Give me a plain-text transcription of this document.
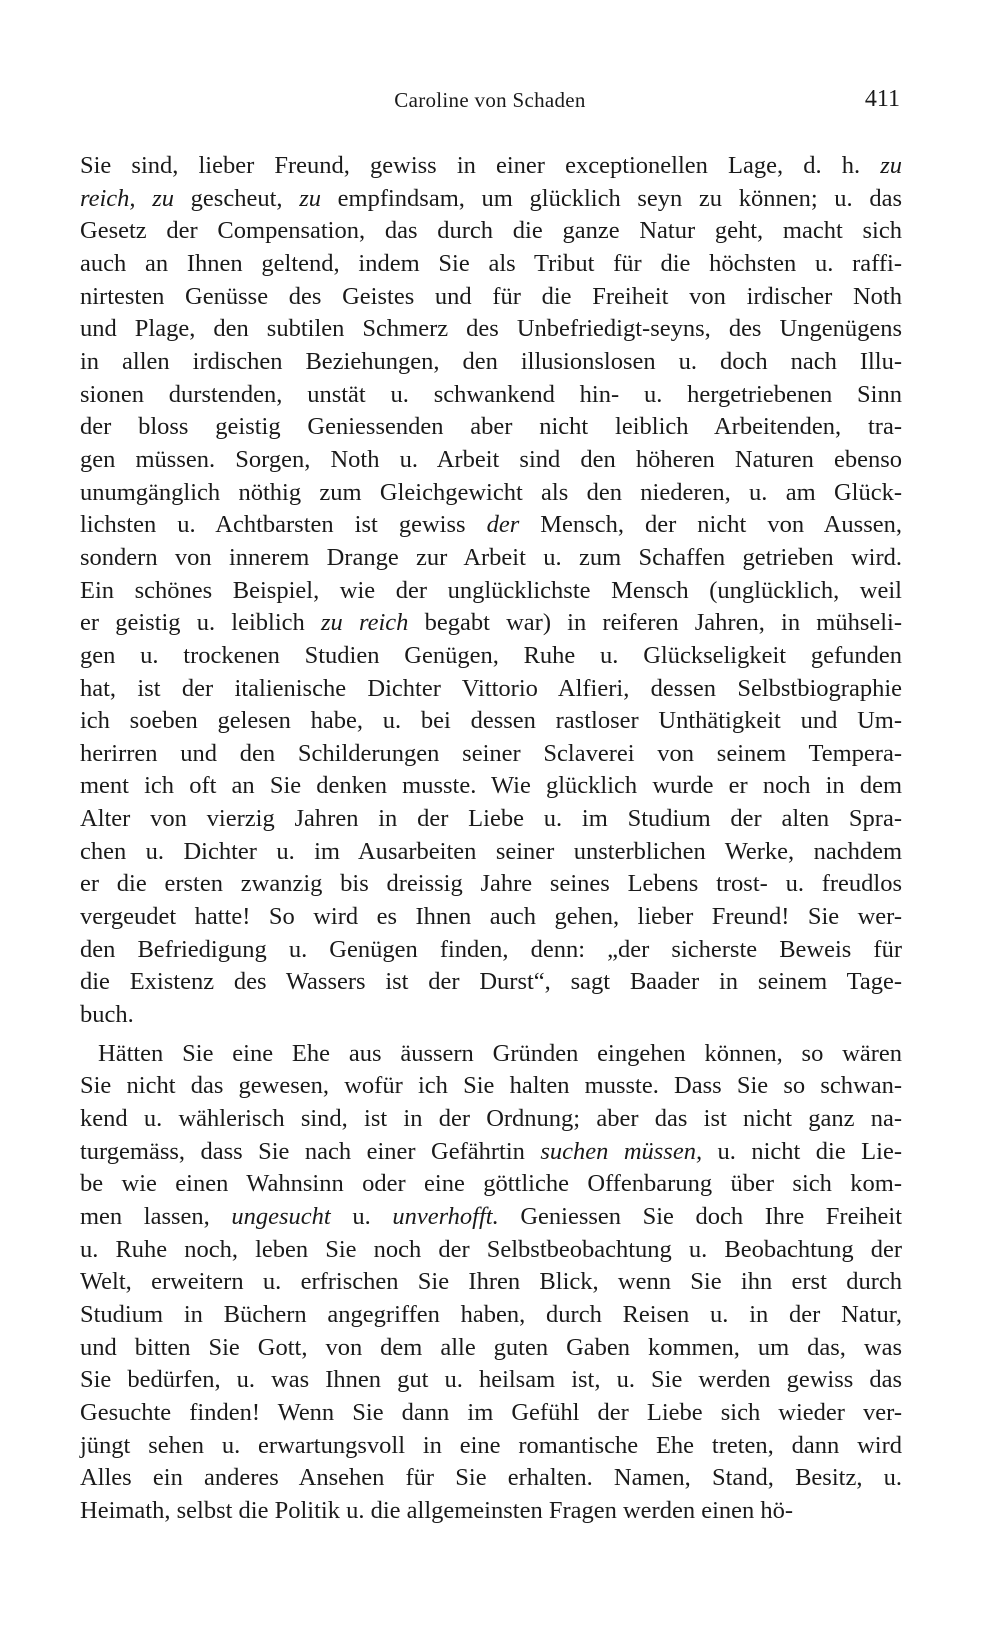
Caroline von Schaden	411
Sie sind, lieber Freund, gewiss in einer exceptionellen Lage, d. h. zu
reich, zu gescheut, zu empfindsam, um glücklich seyn zu können; u. das
Gesetz der Compensation, das durch die ganze Natur geht, macht sich
auch an Ihnen geltend, indem Sie als Tribut für die höchsten u. raffi-
nirtesten Genüsse des Geistes und für die Freiheit von irdischer Noth
und Plage, den subtilen Schmerz des Unbefriedigt-seyns, des Ungenügens
in allen irdischen Beziehungen, den illusionslosen u. doch nach Illu-
sionen durstenden, unstät u. schwankend hin- u. hergetriebenen Sinn
der bloss geistig Geniessenden aber nicht leiblich Arbeitenden, tra-
gen müssen. Sorgen, Noth u. Arbeit sind den höheren Naturen ebenso
unumgänglich nöthig zum Gleichgewicht als den niederen, u. am Glück-
lichsten u. Achtbarsten ist gewiss der Mensch, der nicht von Aussen,
sondern von innerem Drange zur Arbeit u. zum Schaffen getrieben wird.
Ein schönes Beispiel, wie der unglücklichste Mensch (unglücklich, weil
er geistig u. leiblich zu reich begabt war) in reiferen Jahren, in mühseli-
gen u. trockenen Studien Genügen, Ruhe u. Glückseligkeit gefunden
hat, ist der italienische Dichter Vittorio Alfieri, dessen Selbstbiographie
ich soeben gelesen habe, u. bei dessen rastloser Unthätigkeit und Um-
herirren und den Schilderungen seiner Sclaverei von seinem Tempera-
ment ich oft an Sie denken musste. Wie glücklich wurde er noch in dem
Alter von vierzig Jahren in der Liebe u. im Studium der alten Spra-
chen u. Dichter u. im Ausarbeiten seiner unsterblichen Werke, nachdem
er die ersten zwanzig bis dreissig Jahre seines Lebens trost- u. freudlos
vergeudet hatte! So wird es Ihnen auch gehen, lieber Freund! Sie wer-
den Befriedigung u. Genügen finden, denn: „der sicherste Beweis für
die Existenz des Wassers ist der Durst“, sagt Baader in seinem Tage-
buch.
Hätten Sie eine Ehe aus äussern Gründen eingehen können, so wären
Sie nicht das gewesen, wofür ich Sie halten musste. Dass Sie so schwan-
kend u. wählerisch sind, ist in der Ordnung; aber das ist nicht ganz na-
turgemäss, dass Sie nach einer Gefährtin suchen müssen, u. nicht die Lie-
be wie einen Wahnsinn oder eine göttliche Offenbarung über sich kom-
men lassen, ungesucht u. unverhofft. Geniessen Sie doch Ihre Freiheit
u. Ruhe noch, leben Sie noch der Selbstbeobachtung u. Beobachtung der
Welt, erweitern u. erfrischen Sie Ihren Blick, wenn Sie ihn erst durch
Studium in Büchern angegriffen haben, durch Reisen u. in der Natur,
und bitten Sie Gott, von dem alle guten Gaben kommen, um das, was
Sie bedürfen, u. was Ihnen gut u. heilsam ist, u. Sie werden gewiss das
Gesuchte finden! Wenn Sie dann im Gefühl der Liebe sich wieder ver-
jüngt sehen u. erwartungsvoll in eine romantische Ehe treten, dann wird
Alles ein anderes Ansehen für Sie erhalten. Namen, Stand, Besitz, u.
Heimath, selbst die Politik u. die allgemeinsten Fragen werden einen hö-
